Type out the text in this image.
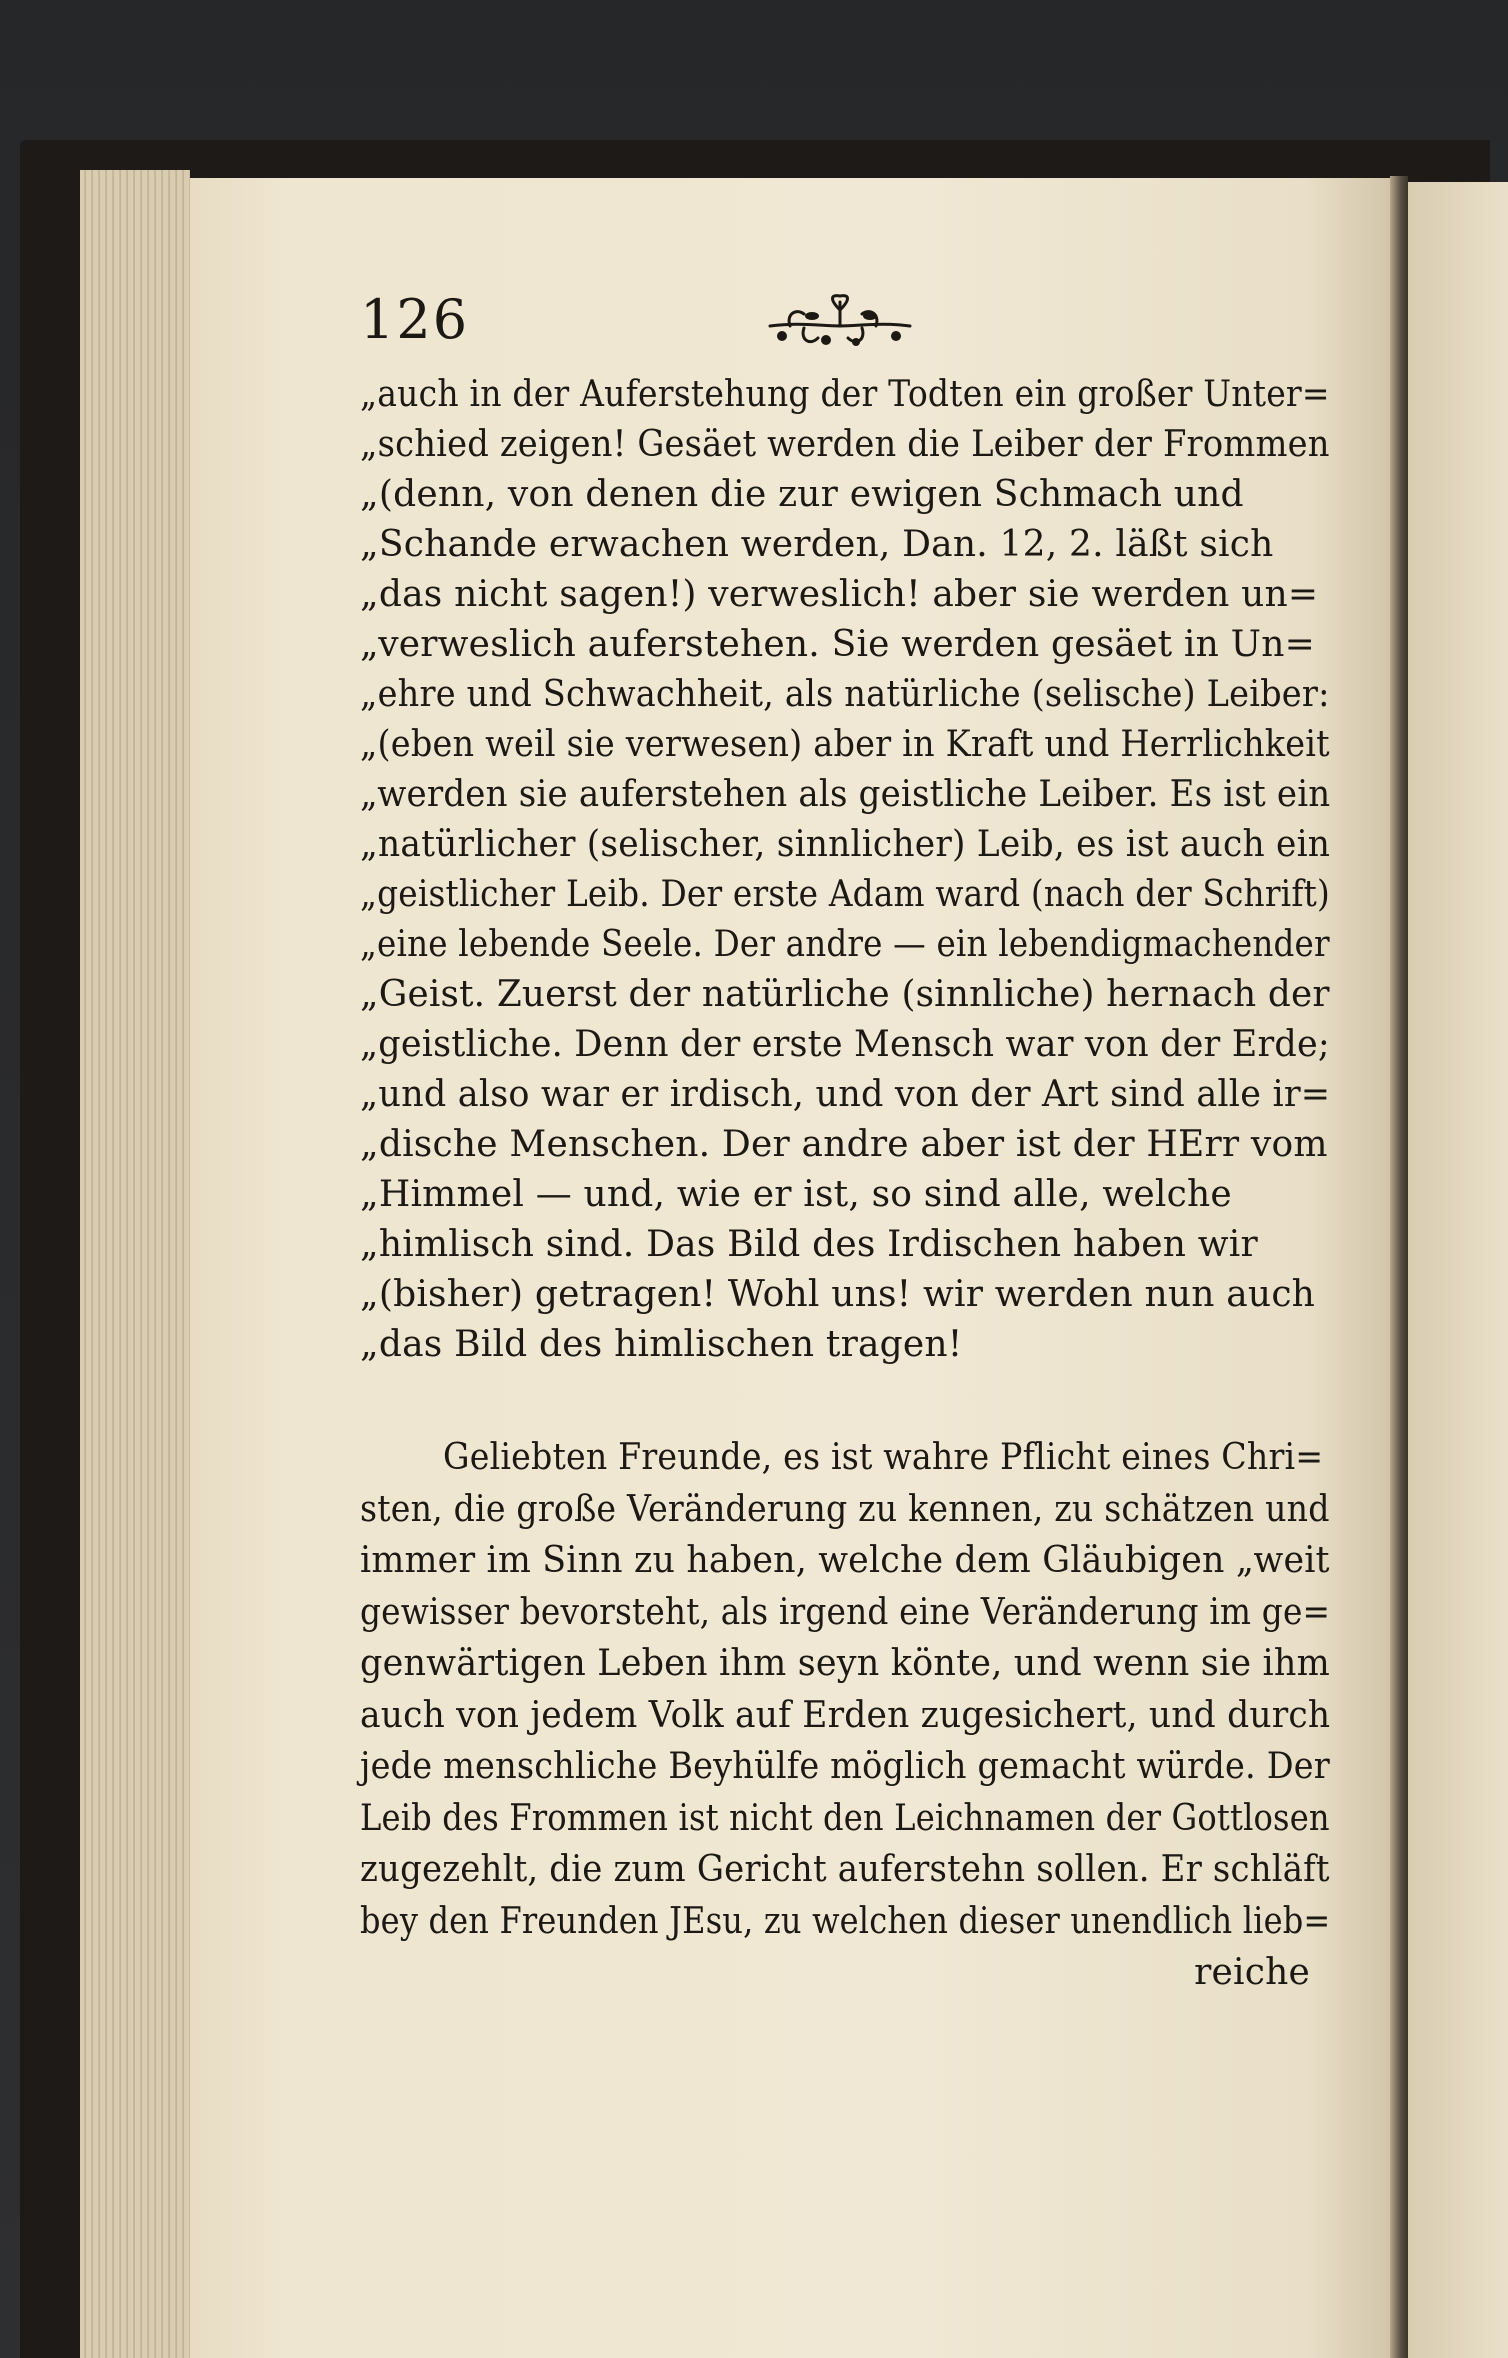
126

„auch in der Auferstehung der Todten ein großer Unter=

„schied zeigen! Gesäet werden die Leiber der Frommen

„(denn, von denen die zur ewigen Schmach und

„Schande erwachen werden, Dan. 12, 2. läßt sich

„das nicht sagen!) verweslich! aber sie werden un=

„verweslich auferstehen. Sie werden gesäet in Un=

„ehre und Schwachheit, als natürliche (selische) Leiber:

„(eben weil sie verwesen) aber in Kraft und Herrlichkeit

„werden sie auferstehen als geistliche Leiber. Es ist ein

„natürlicher (selischer, sinnlicher) Leib, es ist auch ein

„geistlicher Leib. Der erste Adam ward (nach der Schrift)

„eine lebende Seele. Der andre — ein lebendigmachender

„Geist. Zuerst der natürliche (sinnliche) hernach der

„geistliche. Denn der erste Mensch war von der Erde;

„und also war er irdisch, und von der Art sind alle ir=

„dische Menschen. Der andre aber ist der HErr vom

„Himmel — und, wie er ist, so sind alle, welche

„himlisch sind. Das Bild des Irdischen haben wir

„(bisher) getragen! Wohl uns! wir werden nun auch

„das Bild des himlischen tragen!

Geliebten Freunde, es ist wahre Pflicht eines Chri=

sten, die große Veränderung zu kennen, zu schätzen und

immer im Sinn zu haben, welche dem Gläubigen „weit

gewisser bevorsteht, als irgend eine Veränderung im ge=

genwärtigen Leben ihm seyn könte, und wenn sie ihm

auch von jedem Volk auf Erden zugesichert, und durch

jede menschliche Beyhülfe möglich gemacht würde. Der

Leib des Frommen ist nicht den Leichnamen der Gottlosen

zugezehlt, die zum Gericht auferstehn sollen. Er schläft

bey den Freunden JEsu, zu welchen dieser unendlich lieb=

reiche
